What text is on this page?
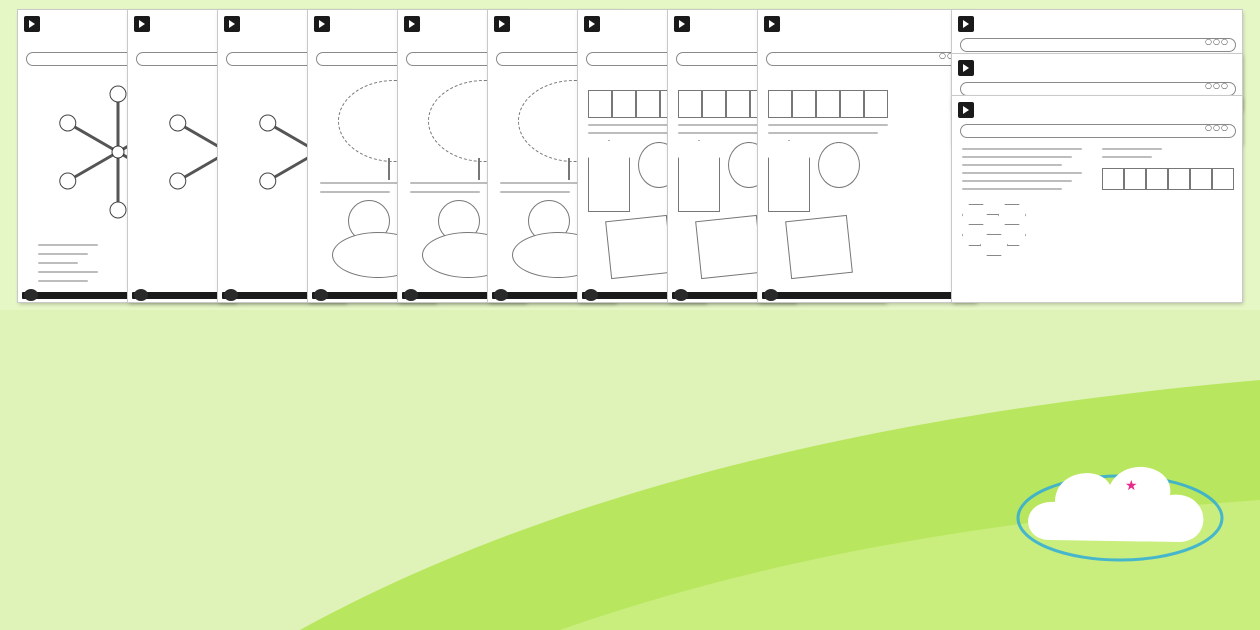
○○○
○○○
○○○
○○○
○○○
○○○
○○○
○○○
○○○
○○○
○○○
○○○
★
